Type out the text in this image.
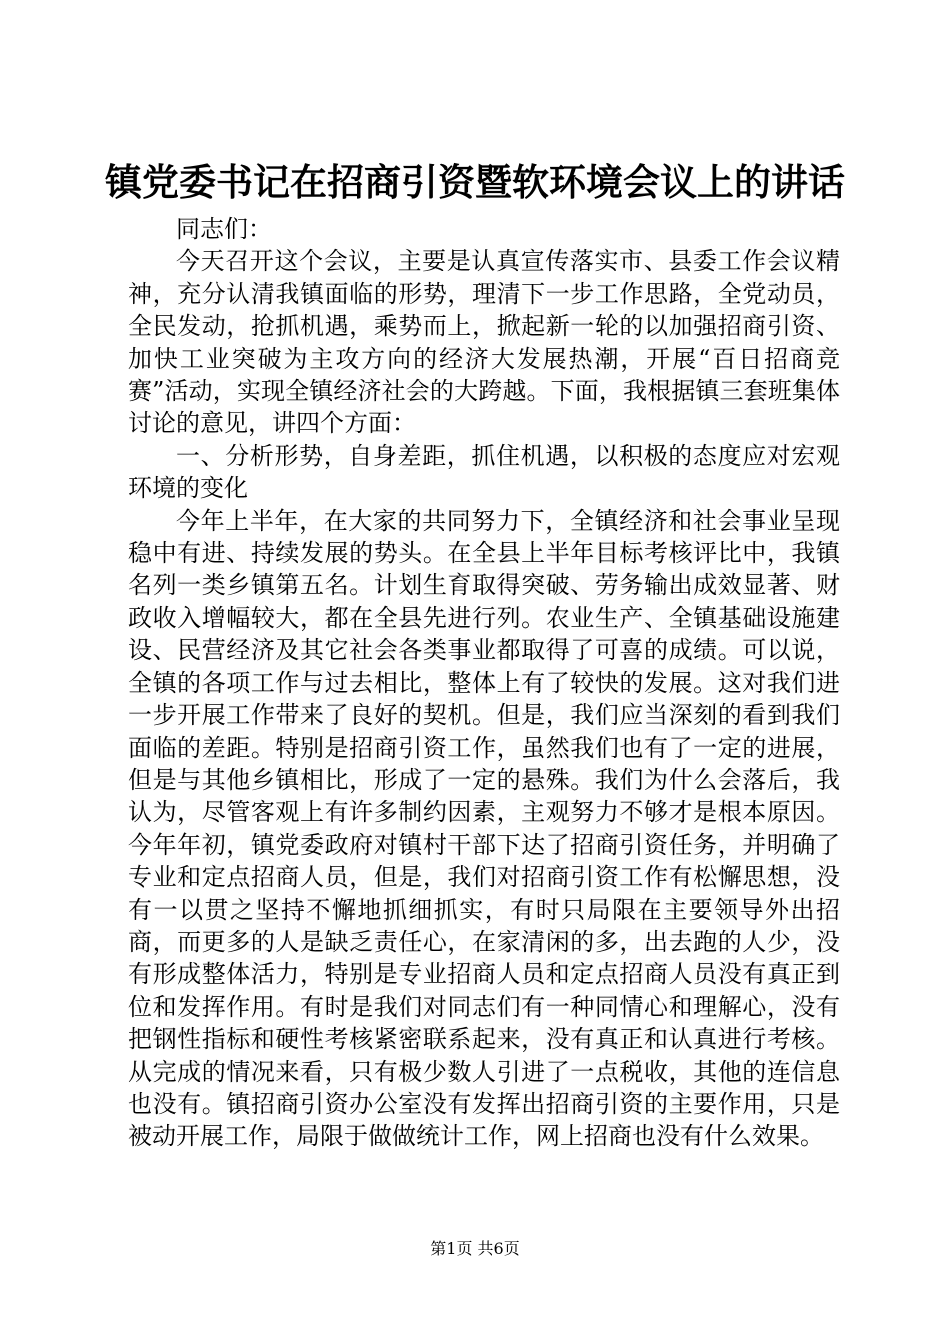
镇党委书记在招商引资暨软环境会议上的讲话

同志们：

今天召开这个会议，主要是认真宣传落实市、县委工作会议精神，充分认清我镇面临的形势，理清下一步工作思路，全党动员，全民发动，抢抓机遇，乘势而上，掀起新一轮的以加强招商引资、加快工业突破为主攻方向的经济大发展热潮，开展“百日招商竞赛”活动，实现全镇经济社会的大跨越。下面，我根据镇三套班集体讨论的意见，讲四个方面：

一、分析形势，自身差距，抓住机遇，以积极的态度应对宏观环境的变化

今年上半年，在大家的共同努力下，全镇经济和社会事业呈现稳中有进、持续发展的势头。在全县上半年目标考核评比中，我镇名列一类乡镇第五名。计划生育取得突破、劳务输出成效显著、财政收入增幅较大，都在全县先进行列。农业生产、全镇基础设施建设、民营经济及其它社会各类事业都取得了可喜的成绩。可以说，全镇的各项工作与过去相比，整体上有了较快的发展。这对我们进一步开展工作带来了良好的契机。但是，我们应当深刻的看到我们面临的差距。特别是招商引资工作，虽然我们也有了一定的进展，但是与其他乡镇相比，形成了一定的悬殊。我们为什么会落后，我认为，尽管客观上有许多制约因素，主观努力不够才是根本原因。今年年初，镇党委政府对镇村干部下达了招商引资任务，并明确了专业和定点招商人员，但是，我们对招商引资工作有松懈思想，没有一以贯之坚持不懈地抓细抓实，有时只局限在主要领导外出招商，而更多的人是缺乏责任心，在家清闲的多，出去跑的人少，没有形成整体活力，特别是专业招商人员和定点招商人员没有真正到位和发挥作用。有时是我们对同志们有一种同情心和理解心，没有把钢性指标和硬性考核紧密联系起来，没有真正和认真进行考核。从完成的情况来看，只有极少数人引进了一点税收，其他的连信息也没有。镇招商引资办公室没有发挥出招商引资的主要作用，只是被动开展工作，局限于做做统计工作，网上招商也没有什么效果。

第1页 共6页
